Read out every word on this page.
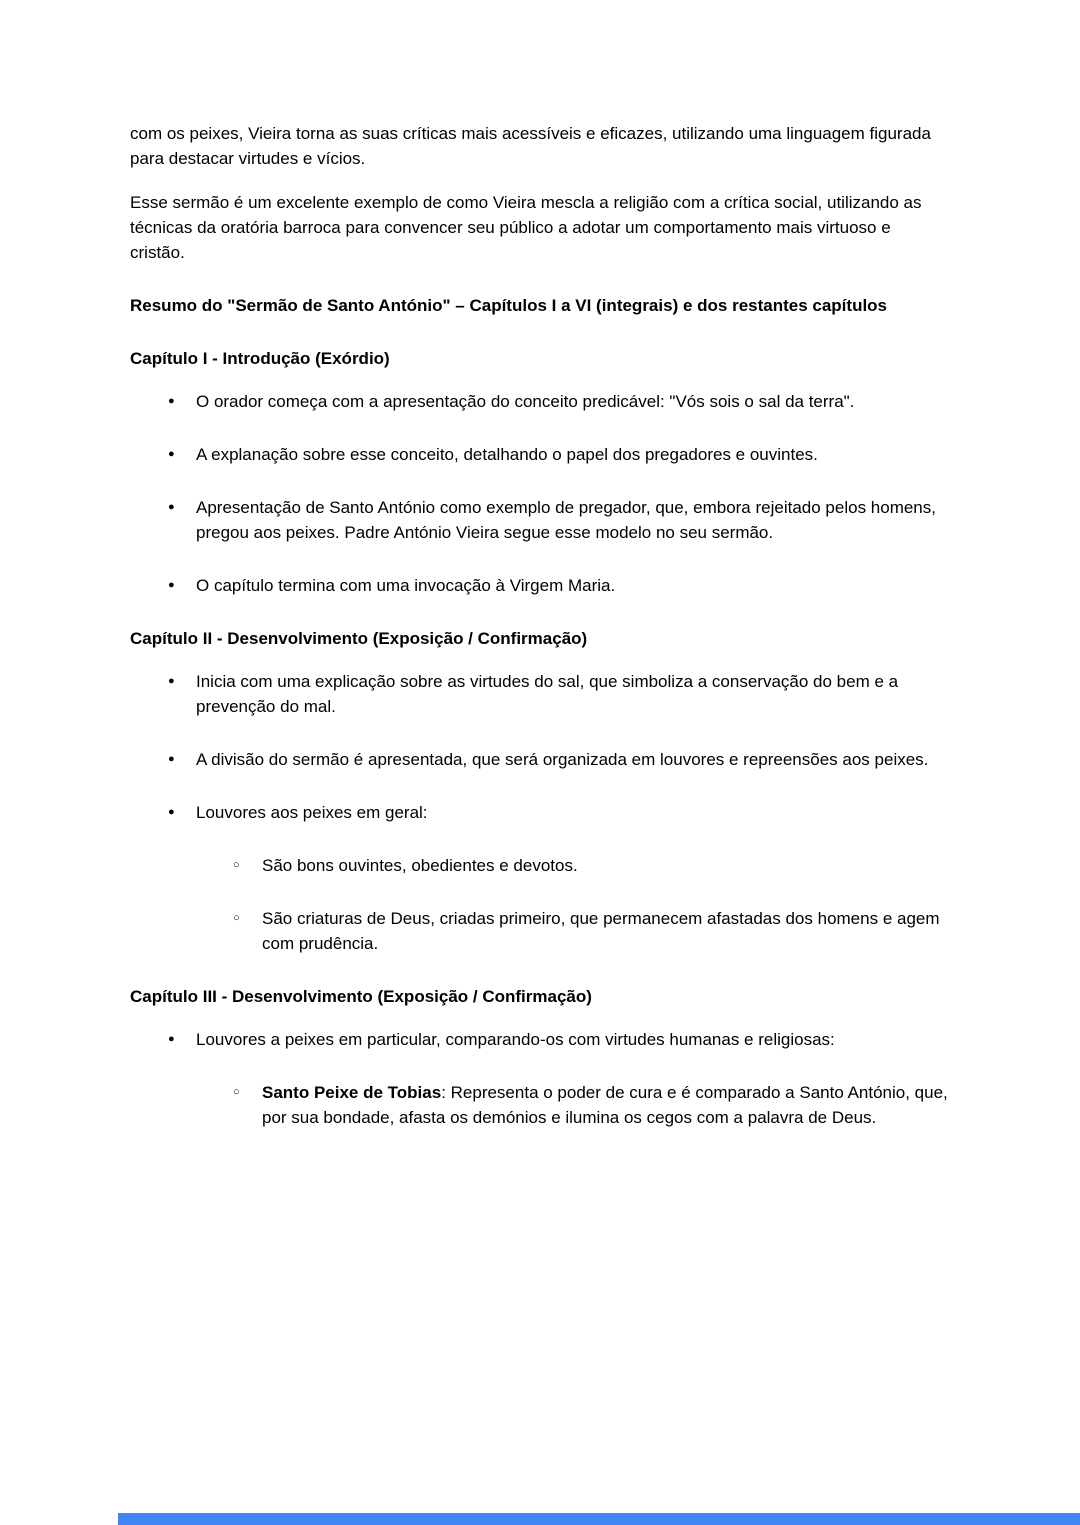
com os peixes, Vieira torna as suas críticas mais acessíveis e eficazes, utilizando uma linguagem figurada para destacar virtudes e vícios.

Esse sermão é um excelente exemplo de como Vieira mescla a religião com a crítica social, utilizando as técnicas da oratória barroca para convencer seu público a adotar um comportamento mais virtuoso e cristão.

Resumo do "Sermão de Santo António" – Capítulos I a VI (integrais) e dos restantes capítulos
Capítulo I - Introdução (Exórdio)
● O orador começa com a apresentação do conceito predicável: "Vós sois o sal da terra".
● A explanação sobre esse conceito, detalhando o papel dos pregadores e ouvintes.
● Apresentação de Santo António como exemplo de pregador, que, embora rejeitado pelos homens, pregou aos peixes. Padre António Vieira segue esse modelo no seu sermão.
● O capítulo termina com uma invocação à Virgem Maria.
Capítulo II - Desenvolvimento (Exposição / Confirmação)
● Inicia com uma explicação sobre as virtudes do sal, que simboliza a conservação do bem e a prevenção do mal.
● A divisão do sermão é apresentada, que será organizada em louvores e repreensões aos peixes.
● Louvores aos peixes em geral:
○ São bons ouvintes, obedientes e devotos.
○ São criaturas de Deus, criadas primeiro, que permanecem afastadas dos homens e agem com prudência.
Capítulo III - Desenvolvimento (Exposição / Confirmação)
● Louvores a peixes em particular, comparando-os com virtudes humanas e religiosas:
○ Santo Peixe de Tobias: Representa o poder de cura e é comparado a Santo António, que, por sua bondade, afasta os demónios e ilumina os cegos com a palavra de Deus.
